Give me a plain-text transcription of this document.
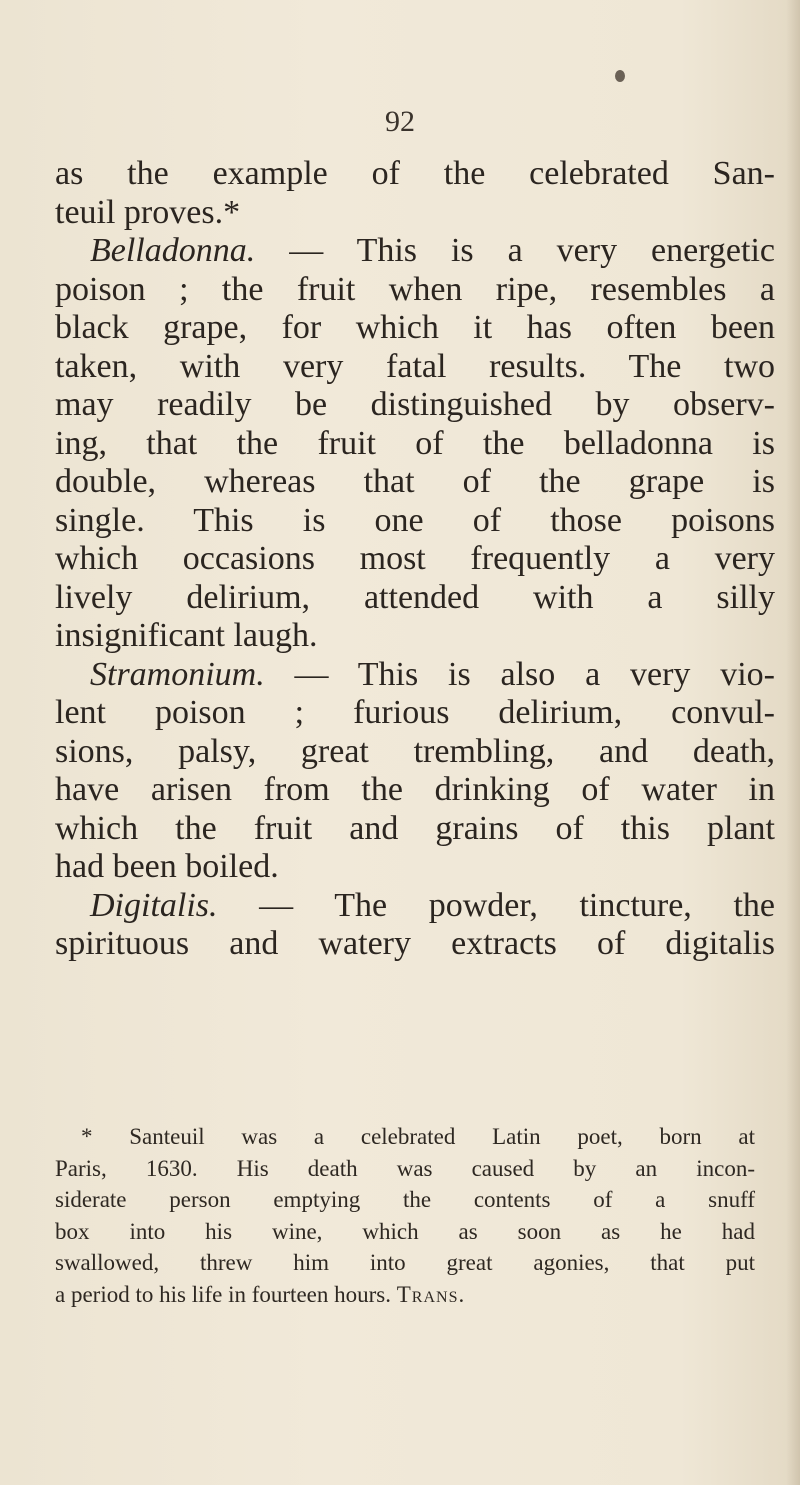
92
as the example of the celebrated San-
teuil proves.*
Belladonna. — This is a very energetic
poison ; the fruit when ripe, resembles a
black grape, for which it has often been
taken, with very fatal results. The two
may readily be distinguished by observ-
ing, that the fruit of the belladonna is
double, whereas that of the grape is
single. This is one of those poisons
which occasions most frequently a very
lively delirium, attended with a silly
insignificant laugh.
Stramonium. — This is also a very vio-
lent poison ; furious delirium, convul-
sions, palsy, great trembling, and death,
have arisen from the drinking of water in
which the fruit and grains of this plant
had been boiled.
Digitalis. — The powder, tincture, the
spirituous and watery extracts of digitalis
* Santeuil was a celebrated Latin poet, born at
Paris, 1630. His death was caused by an incon-
siderate person emptying the contents of a snuff
box into his wine, which as soon as he had
swallowed, threw him into great agonies, that put
a period to his life in fourteen hours. Trans.
